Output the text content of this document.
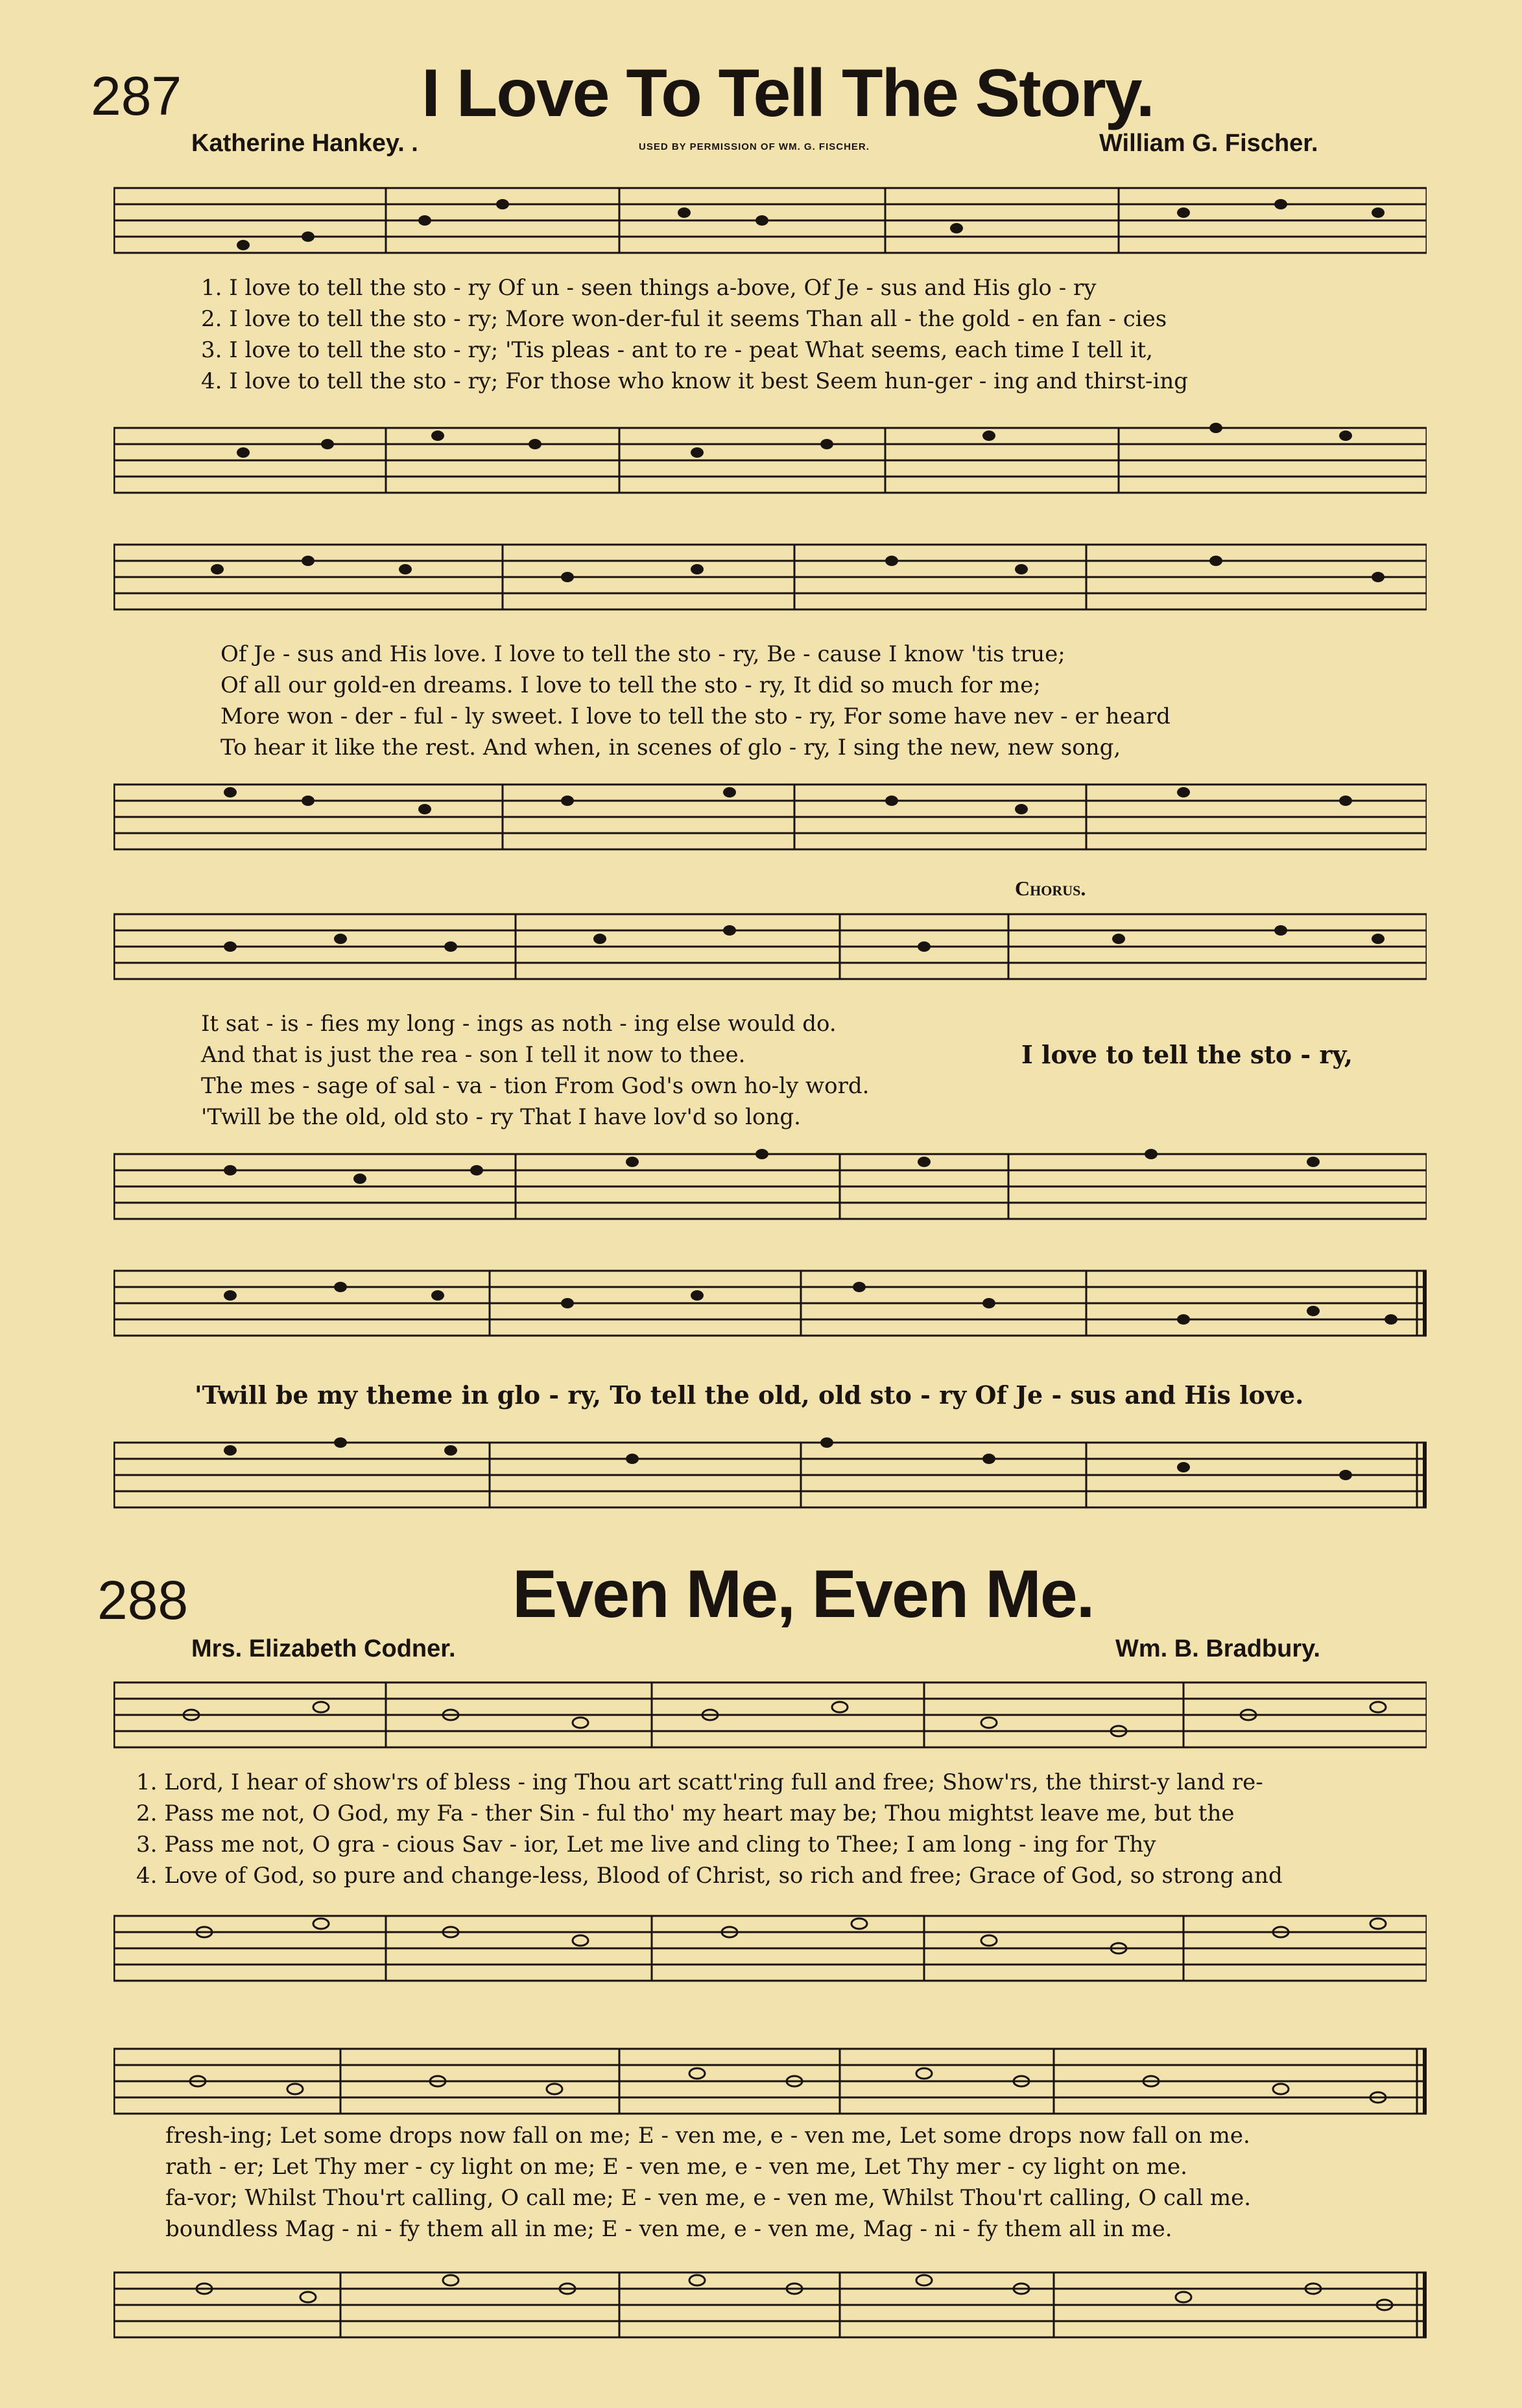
287	I Love To Tell The Story.
Katherine Hankey. .	USED BY PERMISSION OF WM. G. FISCHER.	William G. Fischer.
1. I love to tell the sto - ry Of un - seen things a-bove, Of Je - sus and His glo - ry
2. I love to tell the sto - ry; More won-der-ful it seems Than all - the gold - en fan - cies
3. I love to tell the sto - ry; 'Tis pleas - ant to re - peat What seems, each time I tell it,
4. I love to tell the sto - ry; For those who know it best Seem hun-ger - ing and thirst-ing
Of Je - sus and His love. I love to tell the sto - ry, Be - cause I know 'tis true;
Of all our gold-en dreams. I love to tell the sto - ry, It did so much for me;
More won - der - ful - ly sweet. I love to tell the sto - ry, For some have nev - er heard
To hear it like the rest. And when, in scenes of glo - ry, I sing the new, new song,
Chorus.
It sat - is - fies my long - ings as noth - ing else would do.
And that is just the rea - son I tell it now to thee.
The mes - sage of sal - va - tion From God's own ho-ly word.
'Twill be the old, old sto - ry That I have lov'd so long.
I love to tell the sto - ry,
'Twill be my theme in glo - ry, To tell the old, old sto - ry Of Je - sus and His love.
288	Even Me, Even Me.
Mrs. Elizabeth Codner.	Wm. B. Bradbury.
1. Lord, I hear of show'rs of bless - ing Thou art scatt'ring full and free; Show'rs, the thirst-y land re-
2. Pass me not, O God, my Fa - ther Sin - ful tho' my heart may be; Thou mightst leave me, but the
3. Pass me not, O gra - cious Sav - ior, Let me live and cling to Thee; I am long - ing for Thy
4. Love of God, so pure and change-less, Blood of Christ, so rich and free; Grace of God, so strong and
fresh-ing; Let some drops now fall on me; E - ven me, e - ven me, Let some drops now fall on me.
rath - er; Let Thy mer - cy light on me; E - ven me, e - ven me, Let Thy mer - cy light on me.
fa-vor; Whilst Thou'rt calling, O call me; E - ven me, e - ven me, Whilst Thou'rt calling, O call me.
boundless Mag - ni - fy them all in me; E - ven me, e - ven me, Mag - ni - fy them all in me.
